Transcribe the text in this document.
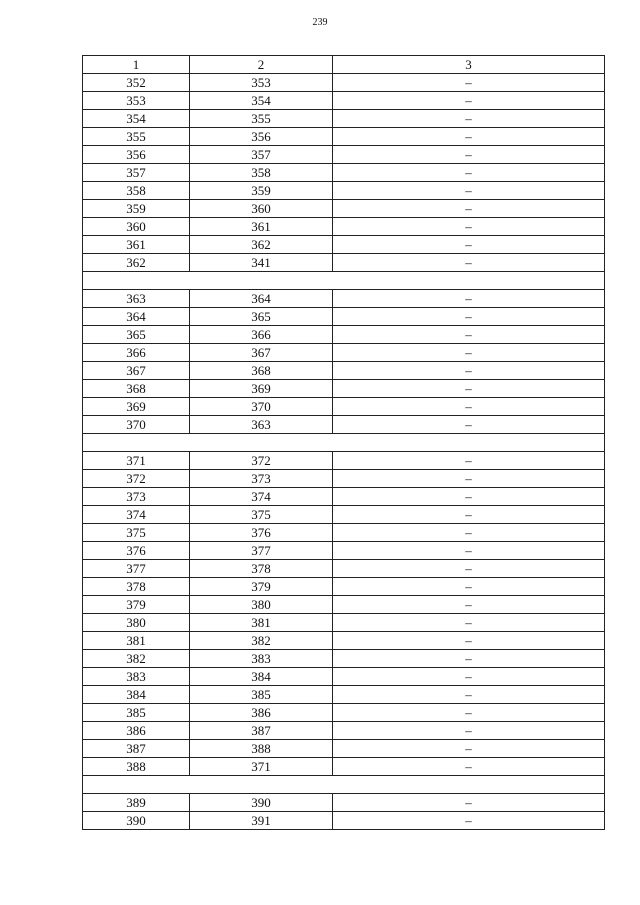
239
1	2	3
352	353	–
353	354	–
354	355	–
355	356	–
356	357	–
357	358	–
358	359	–
359	360	–
360	361	–
361	362	–
362	341	–

363	364	–
364	365	–
365	366	–
366	367	–
367	368	–
368	369	–
369	370	–
370	363	–

371	372	–
372	373	–
373	374	–
374	375	–
375	376	–
376	377	–
377	378	–
378	379	–
379	380	–
380	381	–
381	382	–
382	383	–
383	384	–
384	385	–
385	386	–
386	387	–
387	388	–
388	371	–

389	390	–
390	391	–
